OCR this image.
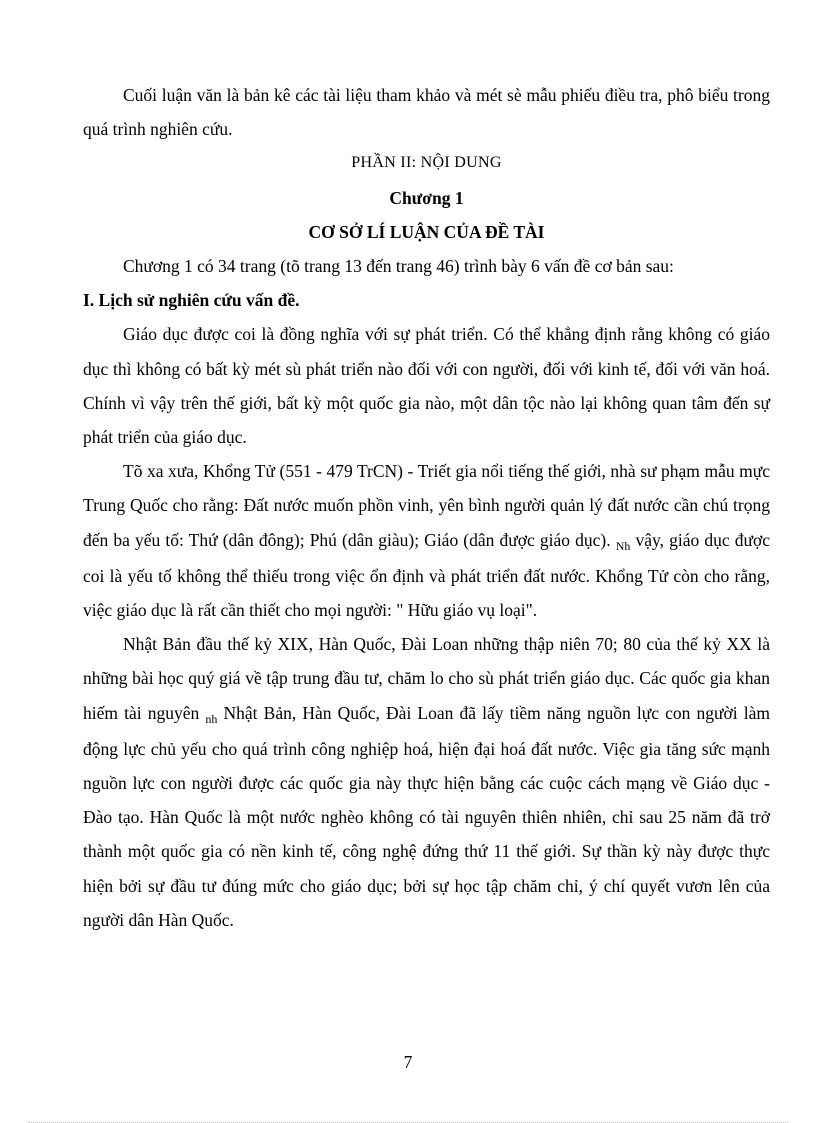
Cuối luận văn là bản kê các tài liệu tham khảo và mét sè mẫu phiếu điều tra, phô biểu trong quá trình nghiên cứu.

PHẦN II: NỘI DUNG

Chương 1

CƠ SỞ LÍ LUẬN CỦA ĐỀ TÀI

Chương 1 có 34 trang (tõ trang 13 đến trang 46) trình bày 6 vấn đề cơ bản sau:

I. Lịch sử nghiên cứu vấn đề.

Giáo dục được coi là đồng nghĩa với sự phát triển. Có thể khẳng định rằng không có giáo dục thì không có bất kỳ mét sù phát triển nào đối với con người, đối với kinh tế, đối với văn hoá. Chính vì vậy trên thế giới, bất kỳ một quốc gia nào, một dân tộc nào lại không quan tâm đến sự phát triển của giáo dục.

Tõ xa xưa, Khổng Tử (551 - 479 TrCN) - Triết gia nổi tiếng thế giới, nhà sư phạm mẫu mực Trung Quốc cho rằng: Đất nước muốn phồn vinh, yên bình người quản lý đất nước cần chú trọng đến ba yếu tố: Thứ (dân đông); Phú (dân giàu); Giáo (dân được giáo dục). $_{Nh}$ vậy, giáo dục được coi là yếu tố không thể thiếu trong việc ổn định và phát triển đất nước. Khổng Tử còn cho rằng, việc giáo dục là rất cần thiết cho mọi người: " Hữu giáo vụ loại".

Nhật Bản đầu thế kỷ XIX, Hàn Quốc, Đài Loan những thập niên 70; 80 của thế kỷ XX là những bài học quý giá về tập trung đầu tư, chăm lo cho sù phát triển giáo dục. Các quốc gia khan hiếm tài nguyên $_{nh}$ Nhật Bản, Hàn Quốc, Đài Loan đã lấy tiềm năng nguồn lực con người làm động lực chủ yếu cho quá trình công nghiệp hoá, hiện đại hoá đất nước. Việc gia tăng sức mạnh nguồn lực con người được các quốc gia này thực hiện bằng các cuộc cách mạng về Giáo dục - Đào tạo. Hàn Quốc là một nước nghèo không có tài nguyên thiên nhiên, chỉ sau 25 năm đã trở thành một quốc gia có nền kinh tế, công nghệ đứng thứ 11 thế giới. Sự thần kỳ này được thực hiện bởi sự đầu tư đúng mức cho giáo dục; bởi sự học tập chăm chỉ, ý chí quyết vươn lên của người dân Hàn Quốc.

7
